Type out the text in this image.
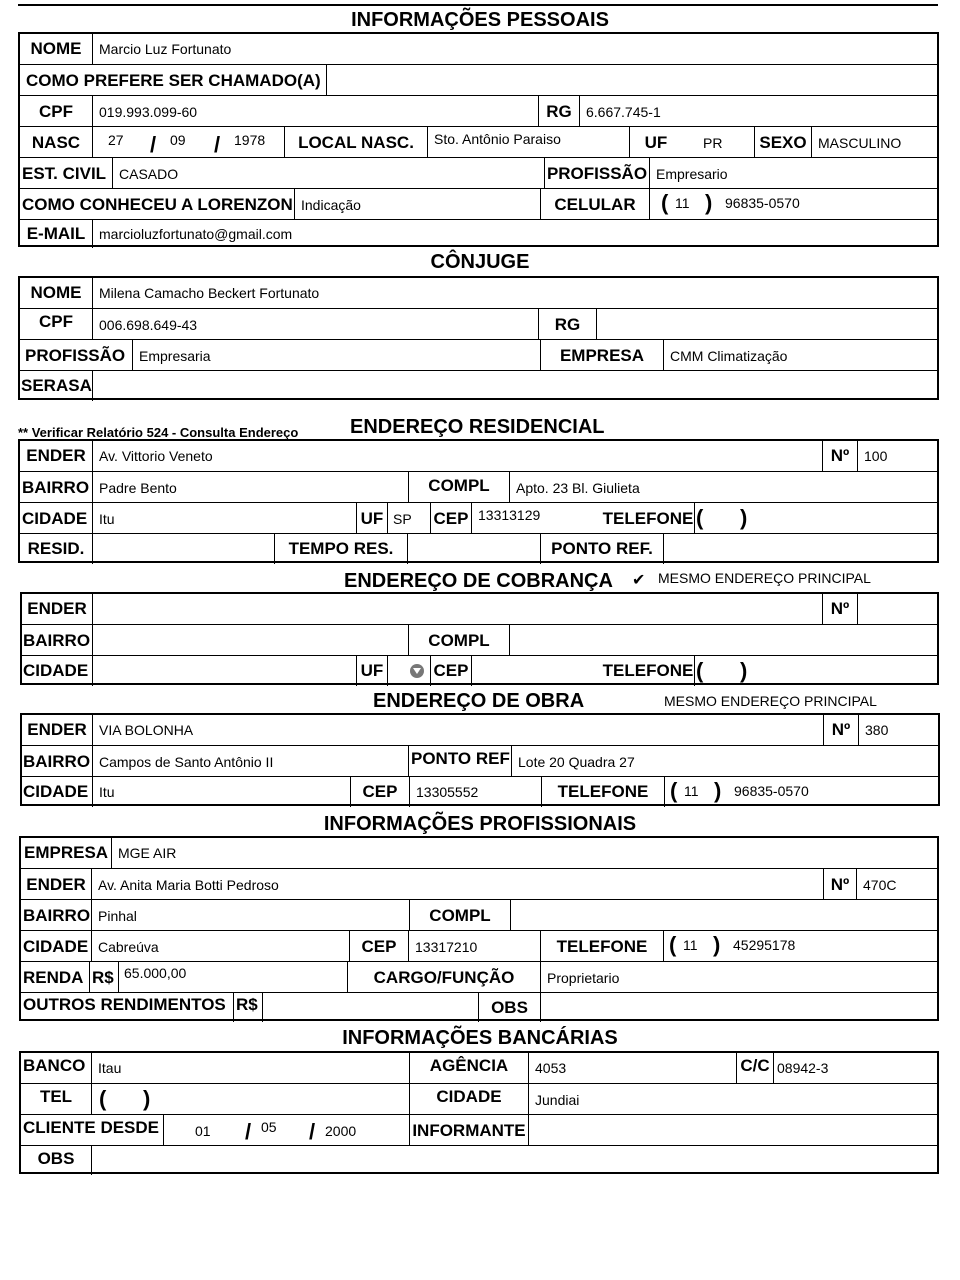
INFORMAÇÕES PESSOAIS
NOME	Marcio Luz Fortunato
COMO PREFERE SER CHAMADO(A)
CPF	019.993.099-60	RG	6.667.745-1
NASC	27 / 09 / 1978	LOCAL NASC.	Sto. Antônio Paraiso	UF	PR	SEXO MASCULINO
EST. CIVIL CASADO	PROFISSÃO Empresario
COMO CONHECEU A LORENZON Indicação	CELULAR	( 11 ) 96835-0570
E-MAIL marcioluzfortunato@gmail.com
CÔNJUGE
NOME	Milena Camacho Beckert Fortunato
CPF	006.698.649-43	RG
PROFISSÃO Empresaria	EMPRESA	CMM Climatização
SERASA
** Verificar Relatório 524 - Consulta Endereço	ENDEREÇO RESIDENCIAL
ENDER Av. Vittorio Veneto	Nº	100
BAIRRO Padre Bento	COMPL	Apto. 23 Bl. Giulieta
CIDADE Itu	UF SP	CEP 13313129	TELEFONE ( )
RESID.	TEMPO RES.	PONTO REF.
ENDEREÇO DE COBRANÇA	✔ MESMO ENDEREÇO PRINCIPAL
ENDER	Nº
BAIRRO	COMPL
CIDADE	UF	CEP	TELEFONE ( )
ENDEREÇO DE OBRA	MESMO ENDEREÇO PRINCIPAL
ENDER VIA BOLONHA	Nº	380
BAIRRO Campos de Santo Antônio II	PONTO REF Lote 20 Quadra 27
CIDADE Itu	CEP	13305552	TELEFONE ( 11 ) 96835-0570
INFORMAÇÕES PROFISSIONAIS
EMPRESA MGE AIR
ENDER Av. Anita Maria Botti Pedroso	Nº 470C
BAIRRO Pinhal	COMPL
CIDADE Cabreúva	CEP	13317210	TELEFONE ( 11 ) 45295178
RENDA R$ 65.000,00	CARGO/FUNÇÃO	Proprietario
OUTROS RENDIMENTOS R$	OBS
INFORMAÇÕES BANCÁRIAS
BANCO Itau	AGÊNCIA	4053	C/C 08942-3
TEL	( )	CIDADE	Jundiai
CLIENTE DESDE	01 / 05 / 2000	INFORMANTE
OBS
